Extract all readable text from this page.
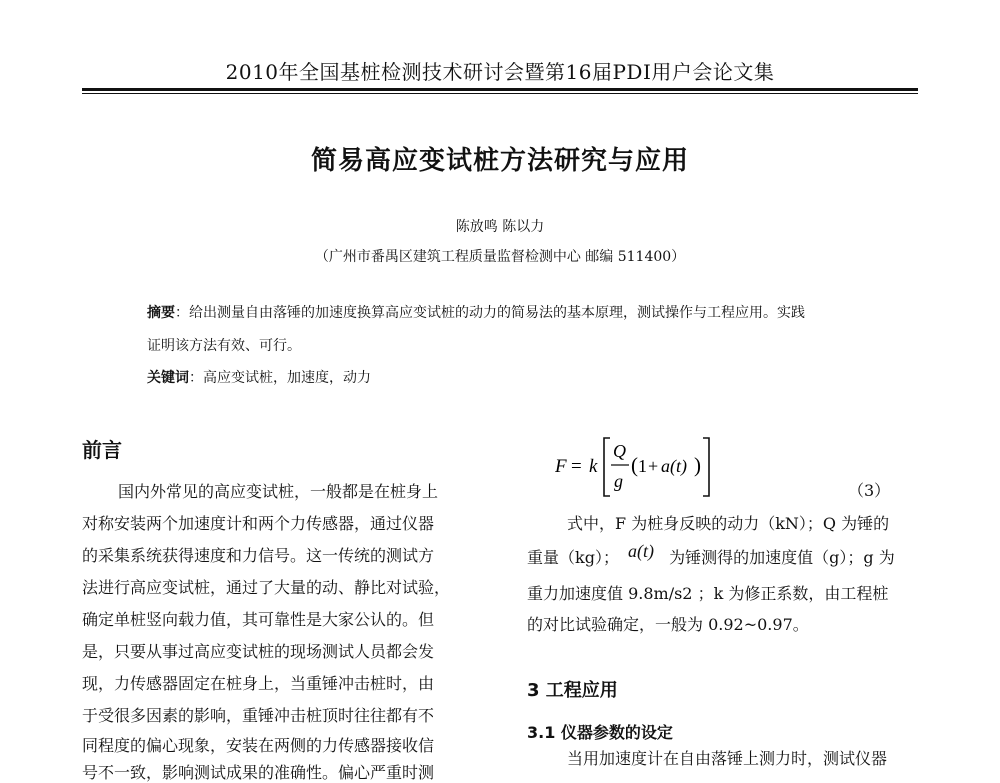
2010年全国基桩检测技术研讨会暨第16届PDI用户会论文集
简易高应变试桩方法研究与应用
陈放鸣 陈以力
（广州市番禺区建筑工程质量监督检测中心 邮编 511400）
摘要：给出测量自由落锤的加速度换算高应变试桩的动力的简易法的基本原理，测试操作与工程应用。实践
证明该方法有效、可行。
关键词：高应变试桩，加速度，动力
前言
国内外常见的高应变试桩，一般都是在桩身上
对称安装两个加速度计和两个力传感器，通过仪器
的采集系统获得速度和力信号。这一传统的测试方
法进行高应变试桩，通过了大量的动、静比对试验，
确定单桩竖向载力值，其可靠性是大家公认的。但
是，只要从事过高应变试桩的现场测试人员都会发
现，力传感器固定在桩身上，当重锤冲击桩时，由
于受很多因素的影响，重锤冲击桩顶时往往都有不
同程度的偏心现象，安装在两侧的力传感器接收信
号不一致，影响测试成果的准确性。偏心严重时测
F = k
Q
g
( 1 + a(t) )
（3）
式中，F 为桩身反映的动力（kN）；Q 为锤的
重量（kg）； a(t) 为锤测得的加速度值（g）；g 为
重力加速度值 9.8m/s2 ；k 为修正系数，由工程桩
的对比试验确定，一般为 0.92~0.97。
3 工程应用
3.1 仪器参数的设定
当用加速度计在自由落锤上测力时，测试仪器
